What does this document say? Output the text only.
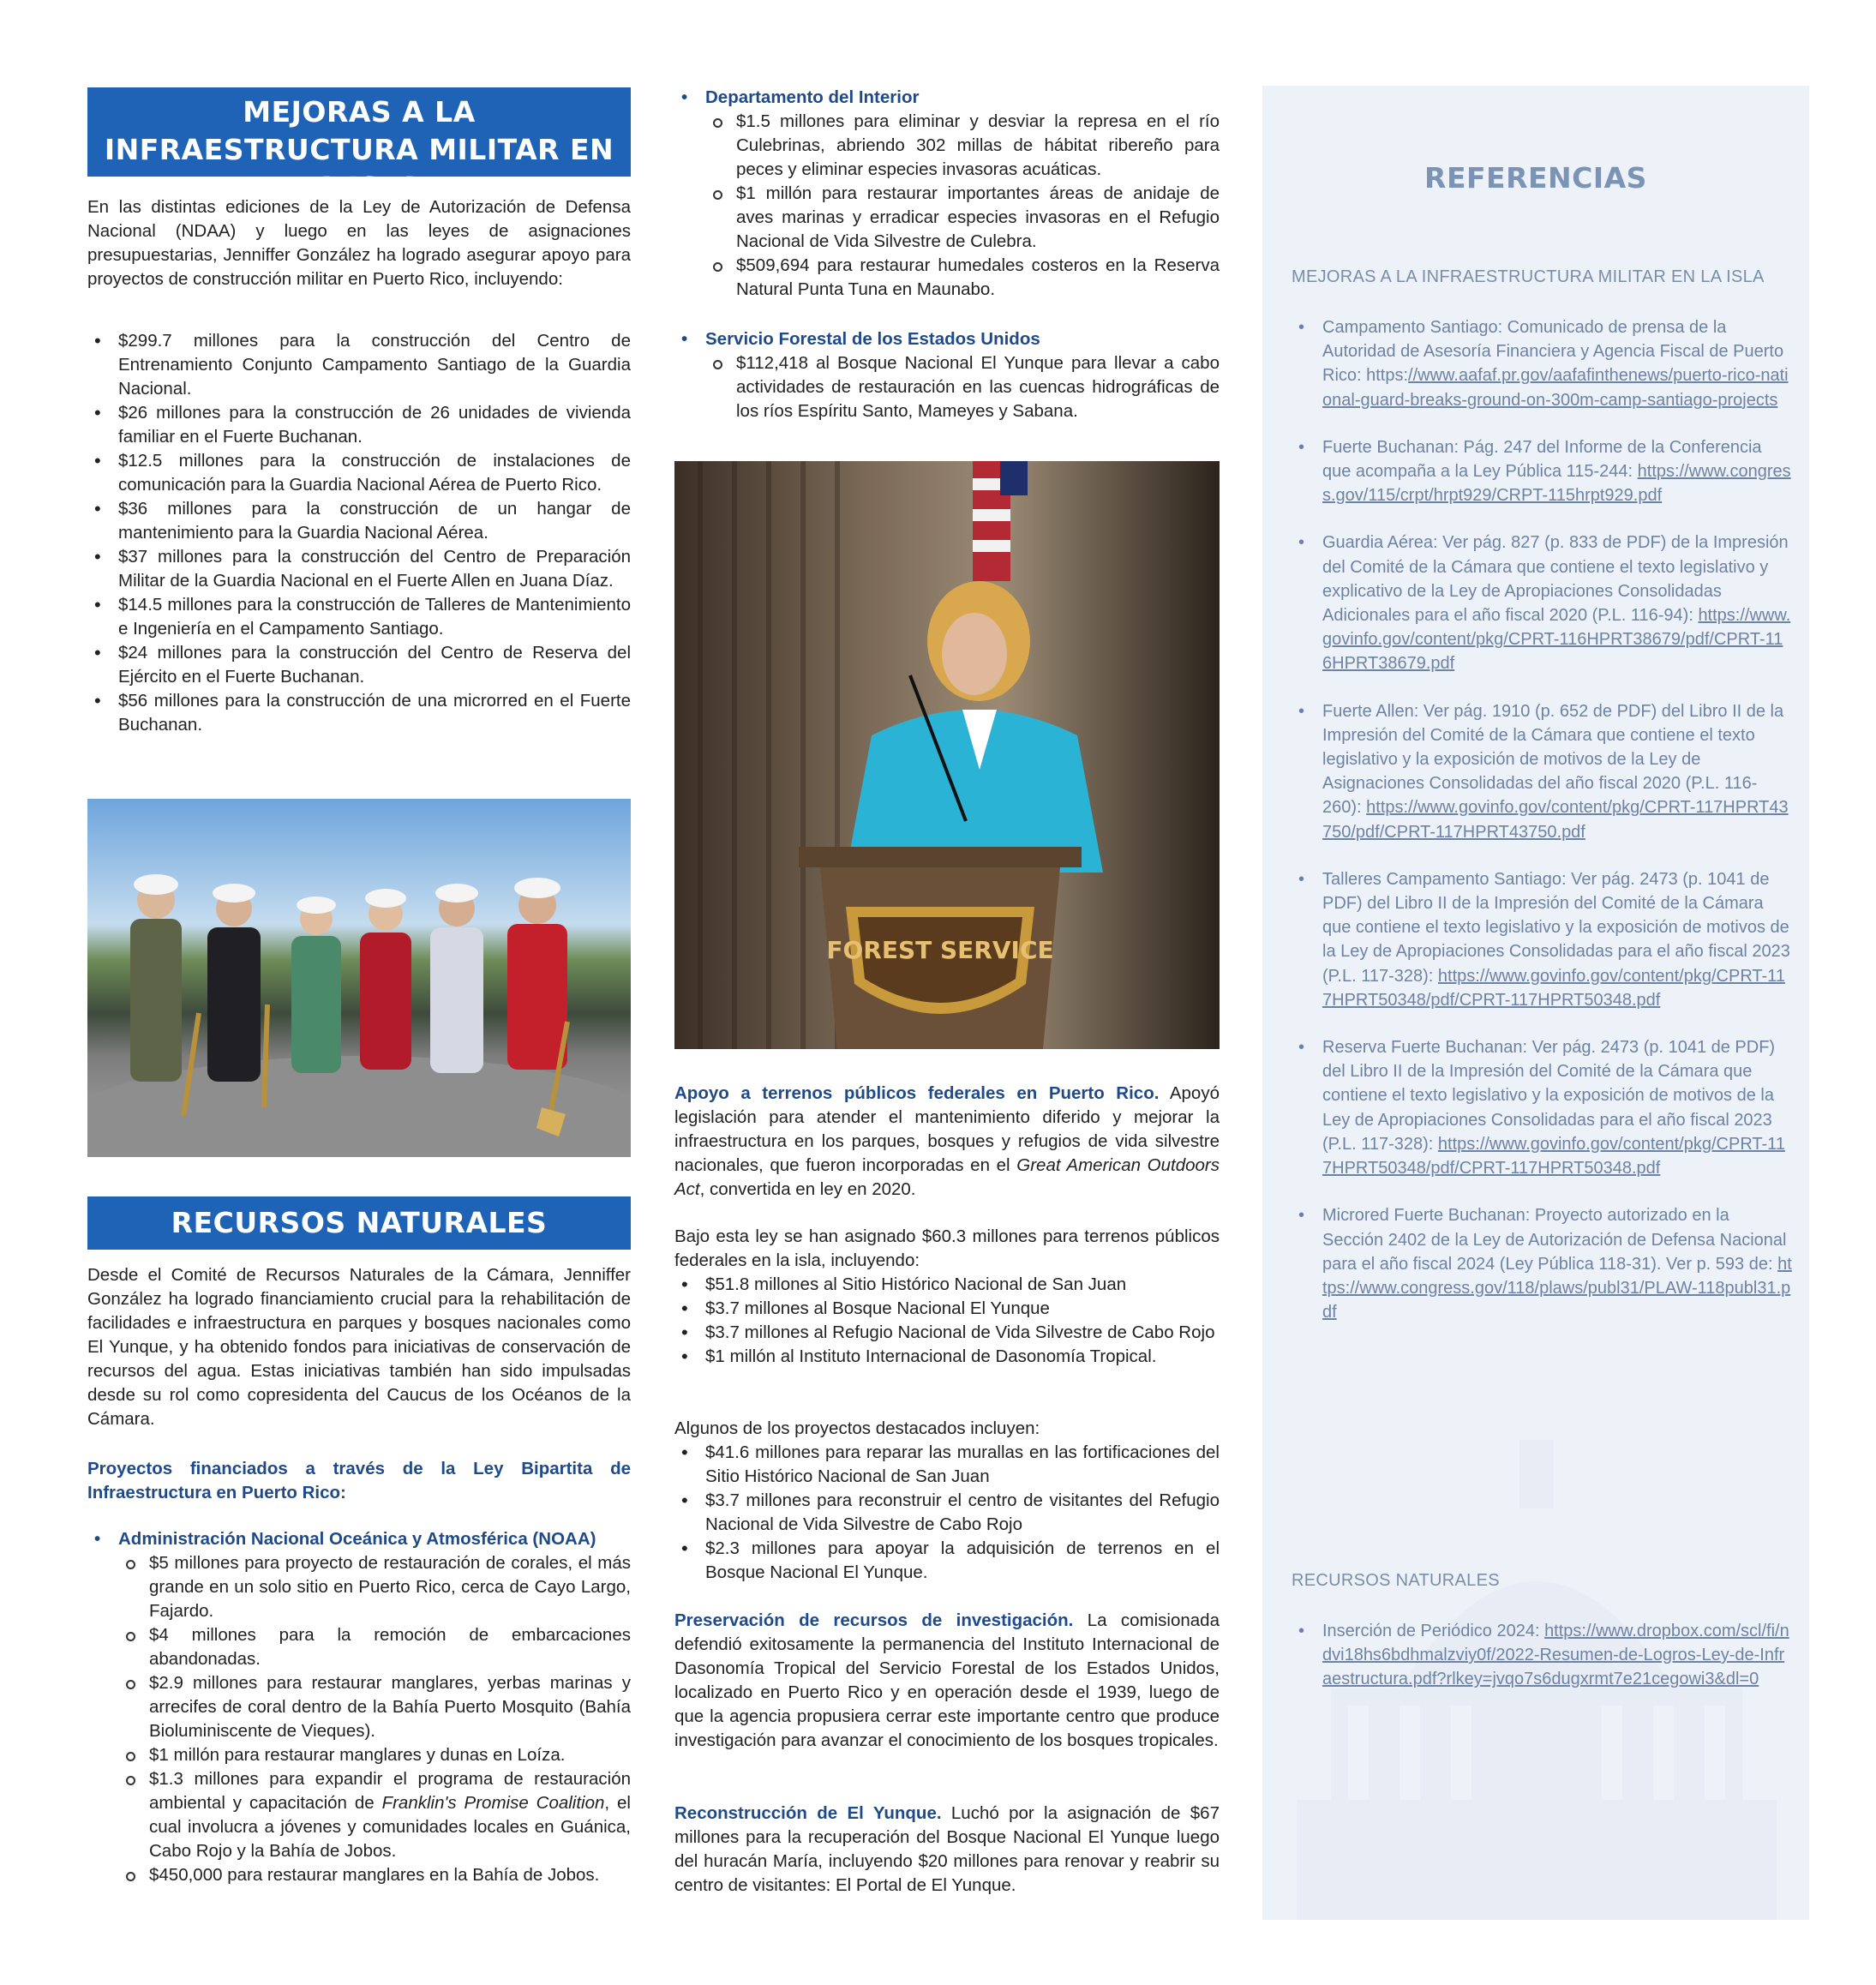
MEJORAS A LA INFRAESTRUCTURA MILITAR EN LA ISLA

En las distintas ediciones de la Ley de Autorización de Defensa Nacional (NDAA) y luego en las leyes de asignaciones presupuestarias, Jenniffer González ha logrado asegurar apoyo para proyectos de construcción militar en Puerto Rico, incluyendo:

• $299.7 millones para la construcción del Centro de Entrenamiento Conjunto Campamento Santiago de la Guardia Nacional.
• $26 millones para la construcción de 26 unidades de vivienda familiar en el Fuerte Buchanan.
• $12.5 millones para la construcción de instalaciones de comunicación para la Guardia Nacional Aérea de Puerto Rico.
• $36 millones para la construcción de un hangar de mantenimiento para la Guardia Nacional Aérea.
• $37 millones para la construcción del Centro de Preparación Militar de la Guardia Nacional en el Fuerte Allen en Juana Díaz.
• $14.5 millones para la construcción de Talleres de Mantenimiento e Ingeniería en el Campamento Santiago.
• $24 millones para la construcción del Centro de Reserva del Ejército en el Fuerte Buchanan.
• $56 millones para la construcción de una microrred en el Fuerte Buchanan.
RECURSOS NATURALES

Desde el Comité de Recursos Naturales de la Cámara, Jenniffer González ha logrado financiamiento crucial para la rehabilitación de facilidades e infraestructura en parques y bosques nacionales como El Yunque, y ha obtenido fondos para iniciativas de conservación de recursos del agua. Estas iniciativas también han sido impulsadas desde su rol como copresidenta del Caucus de los Océanos de la Cámara.

Proyectos financiados a través de la Ley Bipartita de Infraestructura en Puerto Rico:

• Administración Nacional Oceánica y Atmosférica (NOAA)
$5 millones para proyecto de restauración de corales, el más grande en un solo sitio en Puerto Rico, cerca de Cayo Largo, Fajardo.
$4 millones para la remoción de embarcaciones abandonadas.
$2.9 millones para restaurar manglares, yerbas marinas y arrecifes de coral dentro de la Bahía Puerto Mosquito (Bahía Bioluminiscente de Vieques).
$1 millón para restaurar manglares y dunas en Loíza.
$1.3 millones para expandir el programa de restauración ambiental y capacitación de Franklin's Promise Coalition, el cual involucra a jóvenes y comunidades locales en Guánica, Cabo Rojo y la Bahía de Jobos.
$450,000 para restaurar manglares en la Bahía de Jobos.
• Departamento del Interior
$1.5 millones para eliminar y desviar la represa en el río Culebrinas, abriendo 302 millas de hábitat ribereño para peces y eliminar especies invasoras acuáticas.
$1 millón para restaurar importantes áreas de anidaje de aves marinas y erradicar especies invasoras en el Refugio Nacional de Vida Silvestre de Culebra.
$509,694 para restaurar humedales costeros en la Reserva Natural Punta Tuna en Maunabo.
• Servicio Forestal de los Estados Unidos
$112,418 al Bosque Nacional El Yunque para llevar a cabo actividades de restauración en las cuencas hidrográficas de los ríos Espíritu Santo, Mameyes y Sabana.
FOREST SERVICE

Apoyo a terrenos públicos federales en Puerto Rico. Apoyó legislación para atender el mantenimiento diferido y mejorar la infraestructura en los parques, bosques y refugios de vida silvestre nacionales, que fueron incorporadas en el Great American Outdoors Act, convertida en ley en 2020.

Bajo esta ley se han asignado $60.3 millones para terrenos públicos federales en la isla, incluyendo:

• $51.8 millones al Sitio Histórico Nacional de San Juan
• $3.7 millones al Bosque Nacional El Yunque
• $3.7 millones al Refugio Nacional de Vida Silvestre de Cabo Rojo
• $1 millón al Instituto Internacional de Dasonomía Tropical.

Algunos de los proyectos destacados incluyen:

• $41.6 millones para reparar las murallas en las fortificaciones del Sitio Histórico Nacional de San Juan
• $3.7 millones para reconstruir el centro de visitantes del Refugio Nacional de Vida Silvestre de Cabo Rojo
• $2.3 millones para apoyar la adquisición de terrenos en el Bosque Nacional El Yunque.

Preservación de recursos de investigación. La comisionada defendió exitosamente la permanencia del Instituto Internacional de Dasonomía Tropical del Servicio Forestal de los Estados Unidos, localizado en Puerto Rico y en operación desde el 1939, luego de que la agencia propusiera cerrar este importante centro que produce investigación para avanzar el conocimiento de los bosques tropicales.

Reconstrucción de El Yunque. Luchó por la asignación de $67 millones para la recuperación del Bosque Nacional El Yunque luego del huracán María, incluyendo $20 millones para renovar y reabrir su centro de visitantes: El Portal de El Yunque.

REFERENCIAS
MEJORAS A LA INFRAESTRUCTURA MILITAR EN LA ISLA
• Campamento Santiago: Comunicado de prensa de la Autoridad de Asesoría Financiera y Agencia Fiscal de Puerto Rico: https://www.aafaf.pr.gov/aafafinthenews/puerto-rico-national-guard-breaks-ground-on-300m-camp-santiago-projects
• Fuerte Buchanan: Pág. 247 del Informe de la Conferencia que acompaña a la Ley Pública 115-244: https://www.congress.gov/115/crpt/hrpt929/CRPT-115hrpt929.pdf
• Guardia Aérea: Ver pág. 827 (p. 833 de PDF) de la Impresión del Comité de la Cámara que contiene el texto legislativo y explicativo de la Ley de Apropiaciones Consolidadas Adicionales para el año fiscal 2020 (P.L. 116-94): https://www.govinfo.gov/content/pkg/CPRT-116HPRT38679/pdf/CPRT-116HPRT38679.pdf
• Fuerte Allen: Ver pág. 1910 (p. 652 de PDF) del Libro II de la Impresión del Comité de la Cámara que contiene el texto legislativo y la exposición de motivos de la Ley de Asignaciones Consolidadas del año fiscal 2020 (P.L. 116-260): https://www.govinfo.gov/content/pkg/CPRT-117HPRT43750/pdf/CPRT-117HPRT43750.pdf
• Talleres Campamento Santiago: Ver pág. 2473 (p. 1041 de PDF) del Libro II de la Impresión del Comité de la Cámara que contiene el texto legislativo y la exposición de motivos de la Ley de Apropiaciones Consolidadas para el año fiscal 2023 (P.L. 117-328): https://www.govinfo.gov/content/pkg/CPRT-117HPRT50348/pdf/CPRT-117HPRT50348.pdf
• Reserva Fuerte Buchanan: Ver pág. 2473 (p. 1041 de PDF) del Libro II de la Impresión del Comité de la Cámara que contiene el texto legislativo y la exposición de motivos de la Ley de Apropiaciones Consolidadas para el año fiscal 2023 (P.L. 117-328): https://www.govinfo.gov/content/pkg/CPRT-117HPRT50348/pdf/CPRT-117HPRT50348.pdf
• Microred Fuerte Buchanan: Proyecto autorizado en la Sección 2402 de la Ley de Autorización de Defensa Nacional para el año fiscal 2024 (Ley Pública 118-31). Ver p. 593 de: https://www.congress.gov/118/plaws/publ31/PLAW-118publ31.pdf
RECURSOS NATURALES
• Inserción de Periódico 2024: https://www.dropbox.com/scl/fi/ndvi18hs6bdhmalzviy0f/2022-Resumen-de-Logros-Ley-de-Infraestructura.pdf?rlkey=jvqo7s6dugxrmt7e21cegowi3&dl=0
